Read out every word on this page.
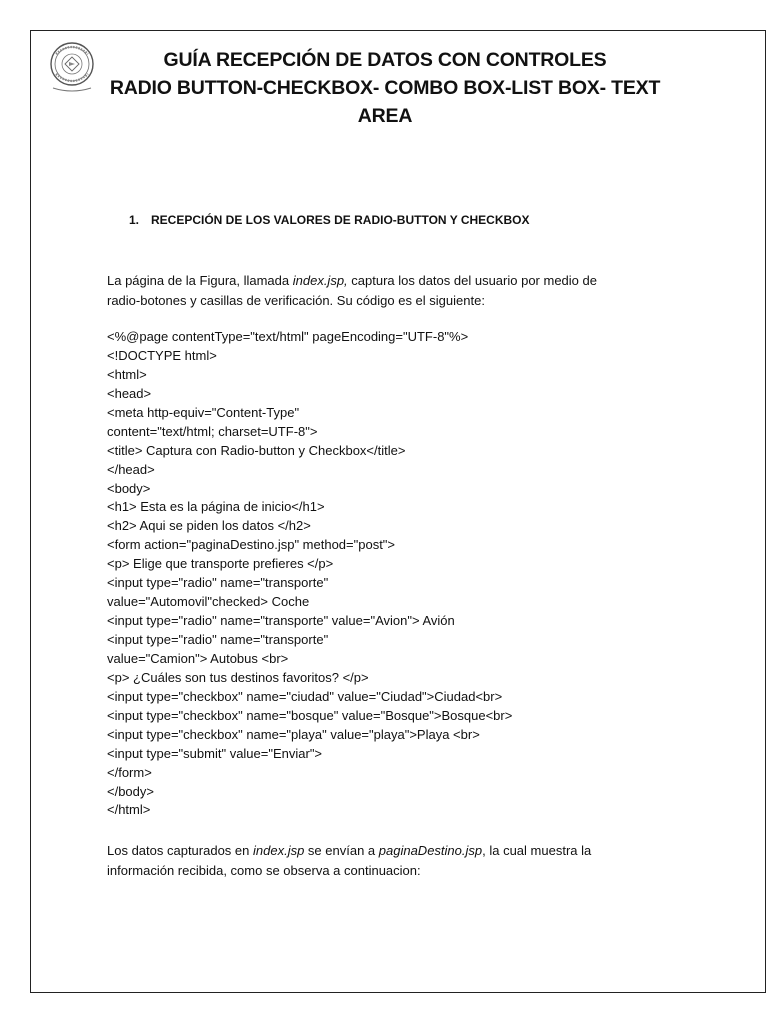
GUÍA RECEPCIÓN DE DATOS CON CONTROLES
RADIO BUTTON-CHECKBOX- COMBO BOX-LIST BOX- TEXT
AREA
1. RECEPCIÓN DE LOS VALORES DE RADIO-BUTTON Y CHECKBOX
La página de la Figura, llamada index.jsp, captura los datos del usuario por medio de
radio-botones y casillas de verificación. Su código es el siguiente:
<%@page contentType="text/html" pageEncoding="UTF-8"%>
<!DOCTYPE html>
<html>
<head>
<meta http-equiv="Content-Type"
content="text/html; charset=UTF-8">
<title> Captura con Radio-button y Checkbox</title>
</head>
<body>
<h1> Esta es la página de inicio</h1>
<h2> Aqui se piden los datos </h2>
<form action="paginaDestino.jsp" method="post">
<p> Elige que transporte prefieres </p>
<input type="radio" name="transporte"
value="Automovil"checked> Coche
<input type="radio" name="transporte" value="Avion"> Avión
<input type="radio" name="transporte"
value="Camion"> Autobus <br>
<p> ¿Cuáles son tus destinos favoritos? </p>
<input type="checkbox" name="ciudad" value="Ciudad">Ciudad<br>
<input type="checkbox" name="bosque" value="Bosque">Bosque<br>
<input type="checkbox" name="playa" value="playa">Playa <br>
<input type="submit" value="Enviar">
</form>
</body>
</html>
Los datos capturados en index.jsp se envían a paginaDestino.jsp, la cual muestra la
información recibida, como se observa a continuacion:
